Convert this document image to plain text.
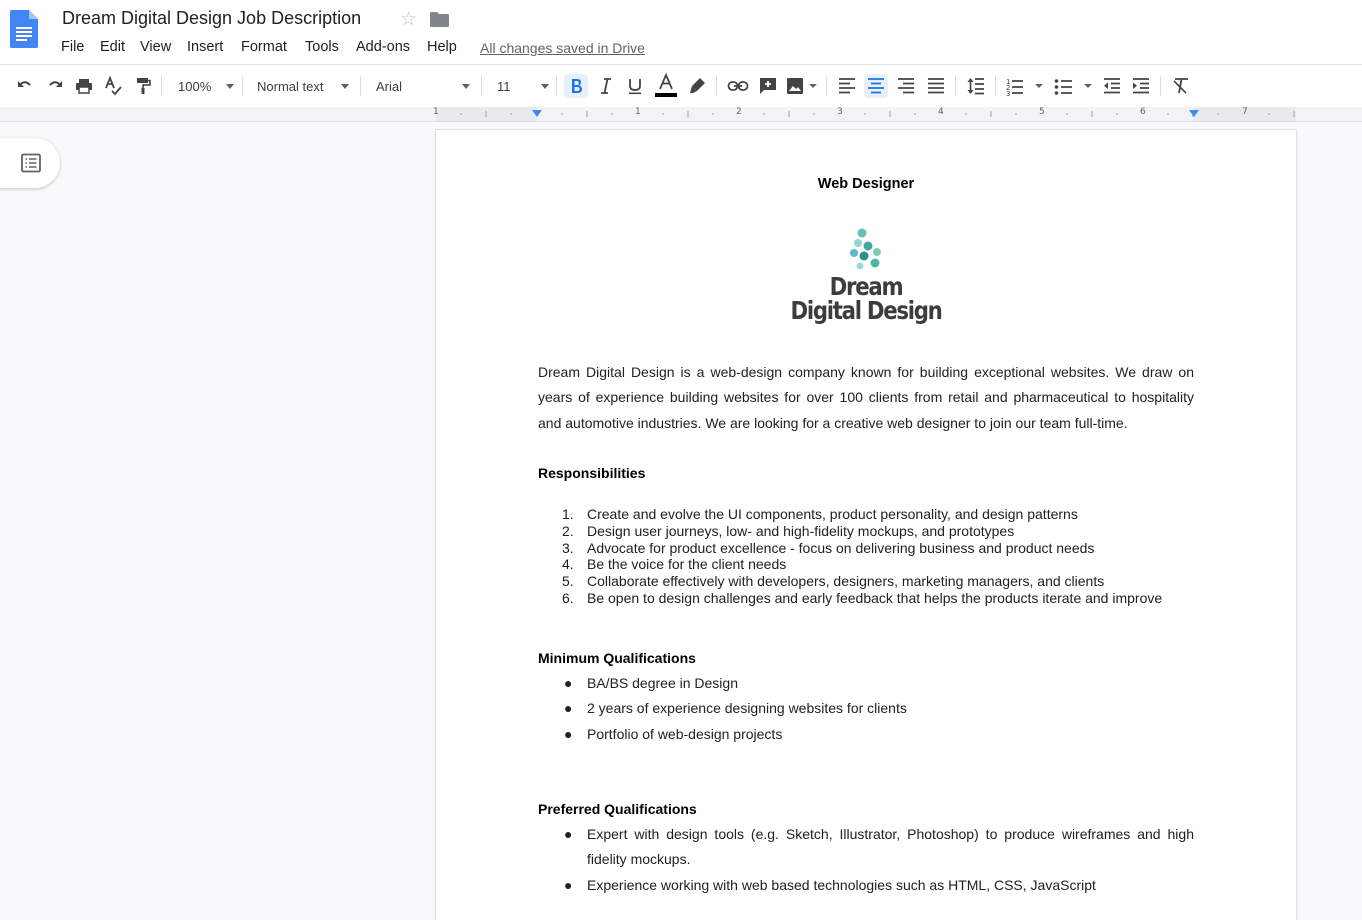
Dream Digital Design Job Description ☆
File Edit View Insert Format Tools Add-ons Help All changes saved in Drive
100%	Normal text	Arial	11	1
2
3
1	1	2	3	4	5	6	7
Web Designer
Dream
Digital Design
Dream Digital Design is a web-design company known for building exceptional websites. We draw on years of experience building websites for over 100 clients from retail and pharmaceutical to hospitality and automotive industries. We are looking for a creative web designer to join our team full-time.
Responsibilities
1. Create and evolve the UI components, product personality, and design patterns
2. Design user journeys, low- and high-fidelity mockups, and prototypes
3. Advocate for product excellence - focus on delivering business and product needs
4. Be the voice for the client needs
5. Collaborate effectively with developers, designers, marketing managers, and clients
6. Be open to design challenges and early feedback that helps the products iterate and improve
Minimum Qualifications
● BA/BS degree in Design
● 2 years of experience designing websites for clients
● Portfolio of web-design projects
Preferred Qualifications
● Expert with design tools (e.g. Sketch, Illustrator, Photoshop) to produce wireframes and high fidelity mockups.
● Experience working with web based technologies such as HTML, CSS, JavaScript
